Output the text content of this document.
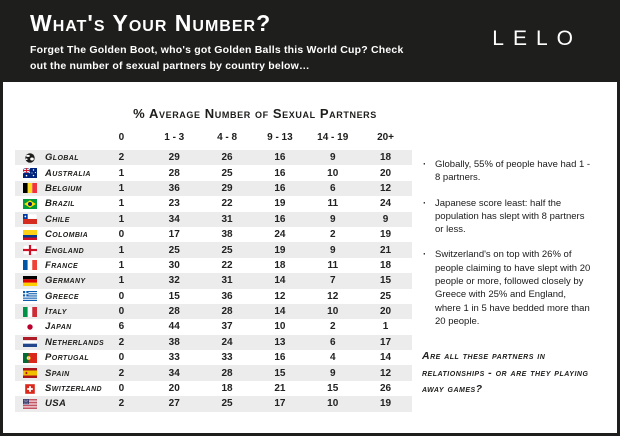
What's Your Number?
Forget The Golden Boot, who's got Golden Balls this World Cup? Check out the number of sexual partners by country below…
LELO
% Average Number of Sexual Partners
0	1 - 3	4 - 8	9 - 13	14 - 19	20+
Global	2	29	26	16	9	18
Australia	1	28	25	16	10	20
Belgium	1	36	29	16	6	12
Brazil	1	23	22	19	11	24
Chile	1	34	31	16	9	9
Colombia	0	17	38	24	2	19
England	1	25	25	19	9	21
France	1	30	22	18	11	18
Germany	1	32	31	14	7	15
Greece	0	15	36	12	12	25
Italy	0	28	28	14	10	20
Japan	6	44	37	10	2	1
Netherlands	2	38	24	13	6	17
Portugal	0	33	33	16	4	14
Spain	2	34	28	15	9	12
Switzerland	0	20	18	21	15	26
USA	2	27	25	17	10	19
· Globally, 55% of people have had 1 - 8 partners.
· Japanese score least: half the population has slept with 8 partners or less.
· Switzerland's on top with 26% of people claiming to have slept with 20 people or more, followed closely by Greece with 25% and England, where 1 in 5 have bedded more than 20 people.
Are all these partners in relationships - or are they playing away games?
